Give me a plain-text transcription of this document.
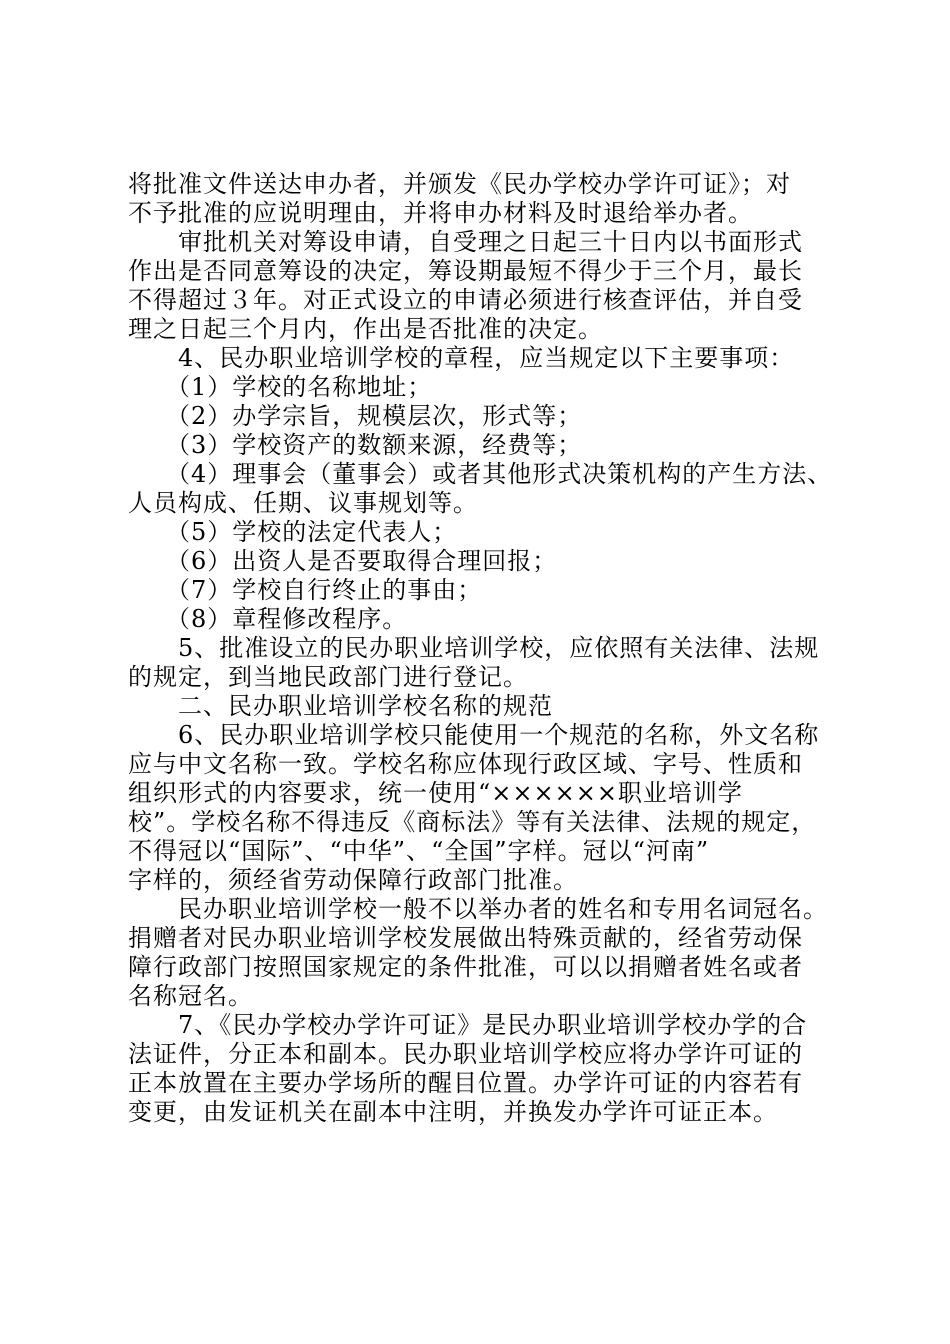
将批准文件送达申办者，并颁发《民办学校办学许可证》；对
不予批准的应说明理由，并将申办材料及时退给举办者。
　　审批机关对筹设申请，自受理之日起三十日内以书面形式
作出是否同意筹设的决定，筹设期最短不得少于三个月，最长
不得超过３年。对正式设立的申请必须进行核查评估，并自受
理之日起三个月内，作出是否批准的决定。
　　4、民办职业培训学校的章程，应当规定以下主要事项：
　　（1）学校的名称地址；
　　（2）办学宗旨，规模层次，形式等；
　　（3）学校资产的数额来源，经费等；
　　（4）理事会（董事会）或者其他形式决策机构的产生方法、
人员构成、任期、议事规划等。
　　（5）学校的法定代表人；
　　（6）出资人是否要取得合理回报；
　　（7）学校自行终止的事由；
　　（8）章程修改程序。
　　5、批准设立的民办职业培训学校，应依照有关法律、法规
的规定，到当地民政部门进行登记。
　　二、民办职业培训学校名称的规范
　　6、民办职业培训学校只能使用一个规范的名称，外文名称
应与中文名称一致。学校名称应体现行政区域、字号、性质和
组织形式的内容要求，统一使用“××××××职业培训学
校”。学校名称不得违反《商标法》等有关法律、法规的规定，
不得冠以“国际”、“中华”、“全国”字样。冠以“河南”
字样的，须经省劳动保障行政部门批准。
　　民办职业培训学校一般不以举办者的姓名和专用名词冠名。
捐赠者对民办职业培训学校发展做出特殊贡献的，经省劳动保
障行政部门按照国家规定的条件批准，可以以捐赠者姓名或者
名称冠名。
　　7、《民办学校办学许可证》是民办职业培训学校办学的合
法证件，分正本和副本。民办职业培训学校应将办学许可证的
正本放置在主要办学场所的醒目位置。办学许可证的内容若有
变更，由发证机关在副本中注明，并换发办学许可证正本。
